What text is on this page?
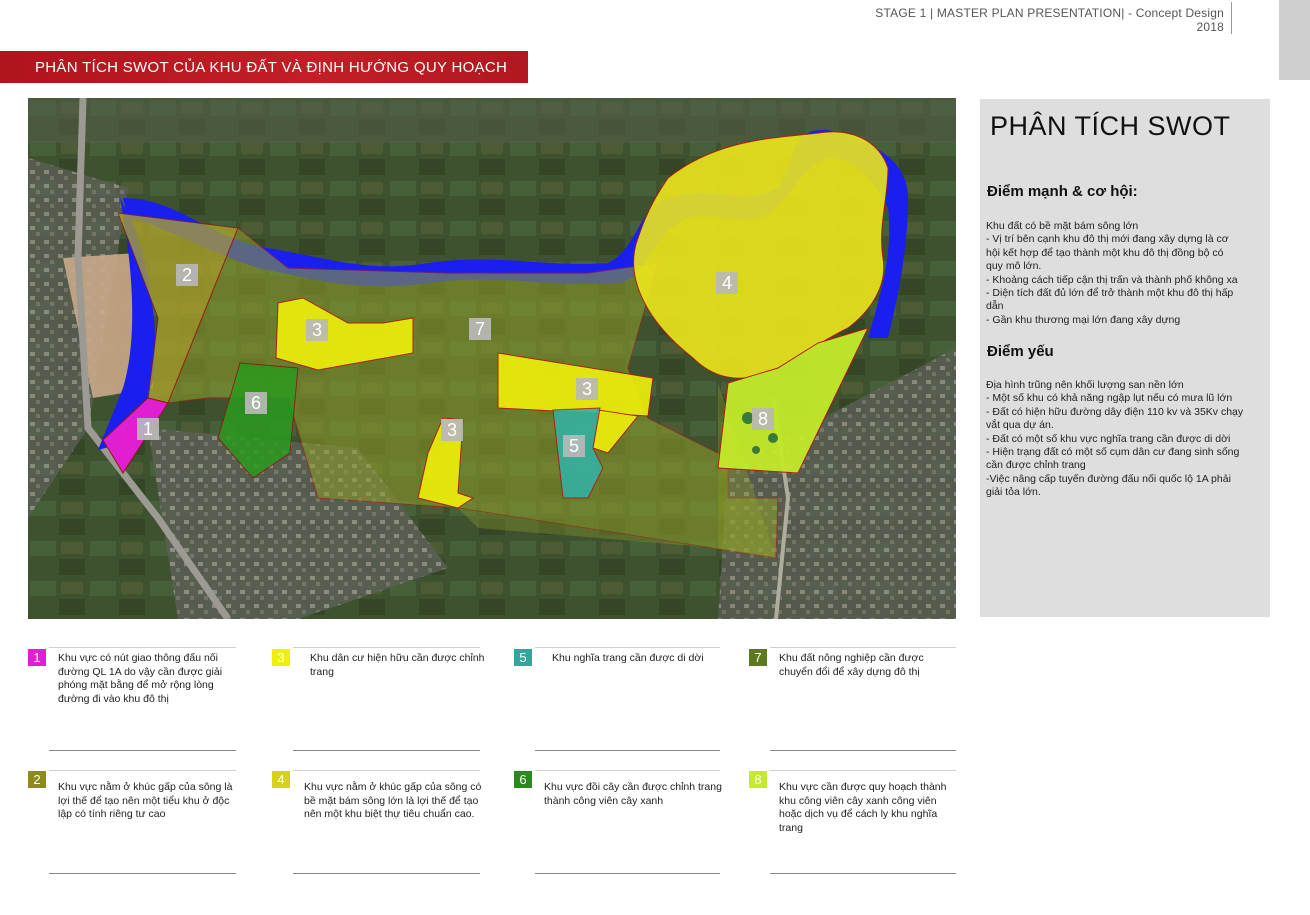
STAGE 1 | MASTER PLAN PRESENTATION| - Concept Design
2018
PHÂN TÍCH SWOT CỦA KHU ĐẤT VÀ ĐỊNH HƯỚNG QUY HOẠCH
1
2
3
3
3
4
5
6
7
8
PHÂN TÍCH SWOT
Điểm mạnh & cơ hội:
Khu đất có bề mặt bám sông lớn
- Vị trí bên cạnh khu đô thị mới đang xây dựng là cơ
hội kết hợp để tạo thành một khu đô thị đồng bộ có
quy mô lớn.
- Khoảng cách tiếp cận thị trấn và thành phố không xa
- Diện tích đất đủ lớn để trở thành một khu đô thị hấp
dẫn
- Gần khu thương mại lớn đang xây dựng
Điểm yếu
Địa hình trũng nên khối lượng san nền lớn
- Một số khu có khả năng ngập lụt nếu có mưa lũ lớn
- Đất có hiện hữu đường dây điện 110 kv và 35Kv chạy
vắt qua dự án.
- Đất có một số khu vực nghĩa trang cần được di dời
- Hiện trạng đất có một số cụm dân cư đang sinh sống
cần được chỉnh trang
-Việc nâng cấp tuyến đường đấu nối quốc lộ 1A phải
giải tỏa lớn.
1	Khu vực có nút giao thông đấu nối đường QL 1A do vậy cần được giải phóng mặt bằng để mở rộng lòng đường đi vào khu đô thị
3	Khu dân cư hiện hữu cần được chỉnh trang
5	Khu nghĩa trang cần được di dời	7	Khu đất nông nghiệp cần được chuyển đổi để xây dựng đô thị
2	Khu vực nằm ở khúc gấp của sông là lợi thế để tạo nên một tiểu khu ở độc lập có tính riêng tư cao
4	Khu vực nằm ở khúc gấp của sông có bề mặt bám sông lớn là lợi thế để tạo nên một khu biệt thự tiêu chuẩn cao.
6	Khu vực đồi cây cần được chỉnh trang thành công viên cây xanh
8	Khu vực cần được quy hoạch thành khu công viên cây xanh công viên hoặc dịch vụ để cách ly khu nghĩa trang
